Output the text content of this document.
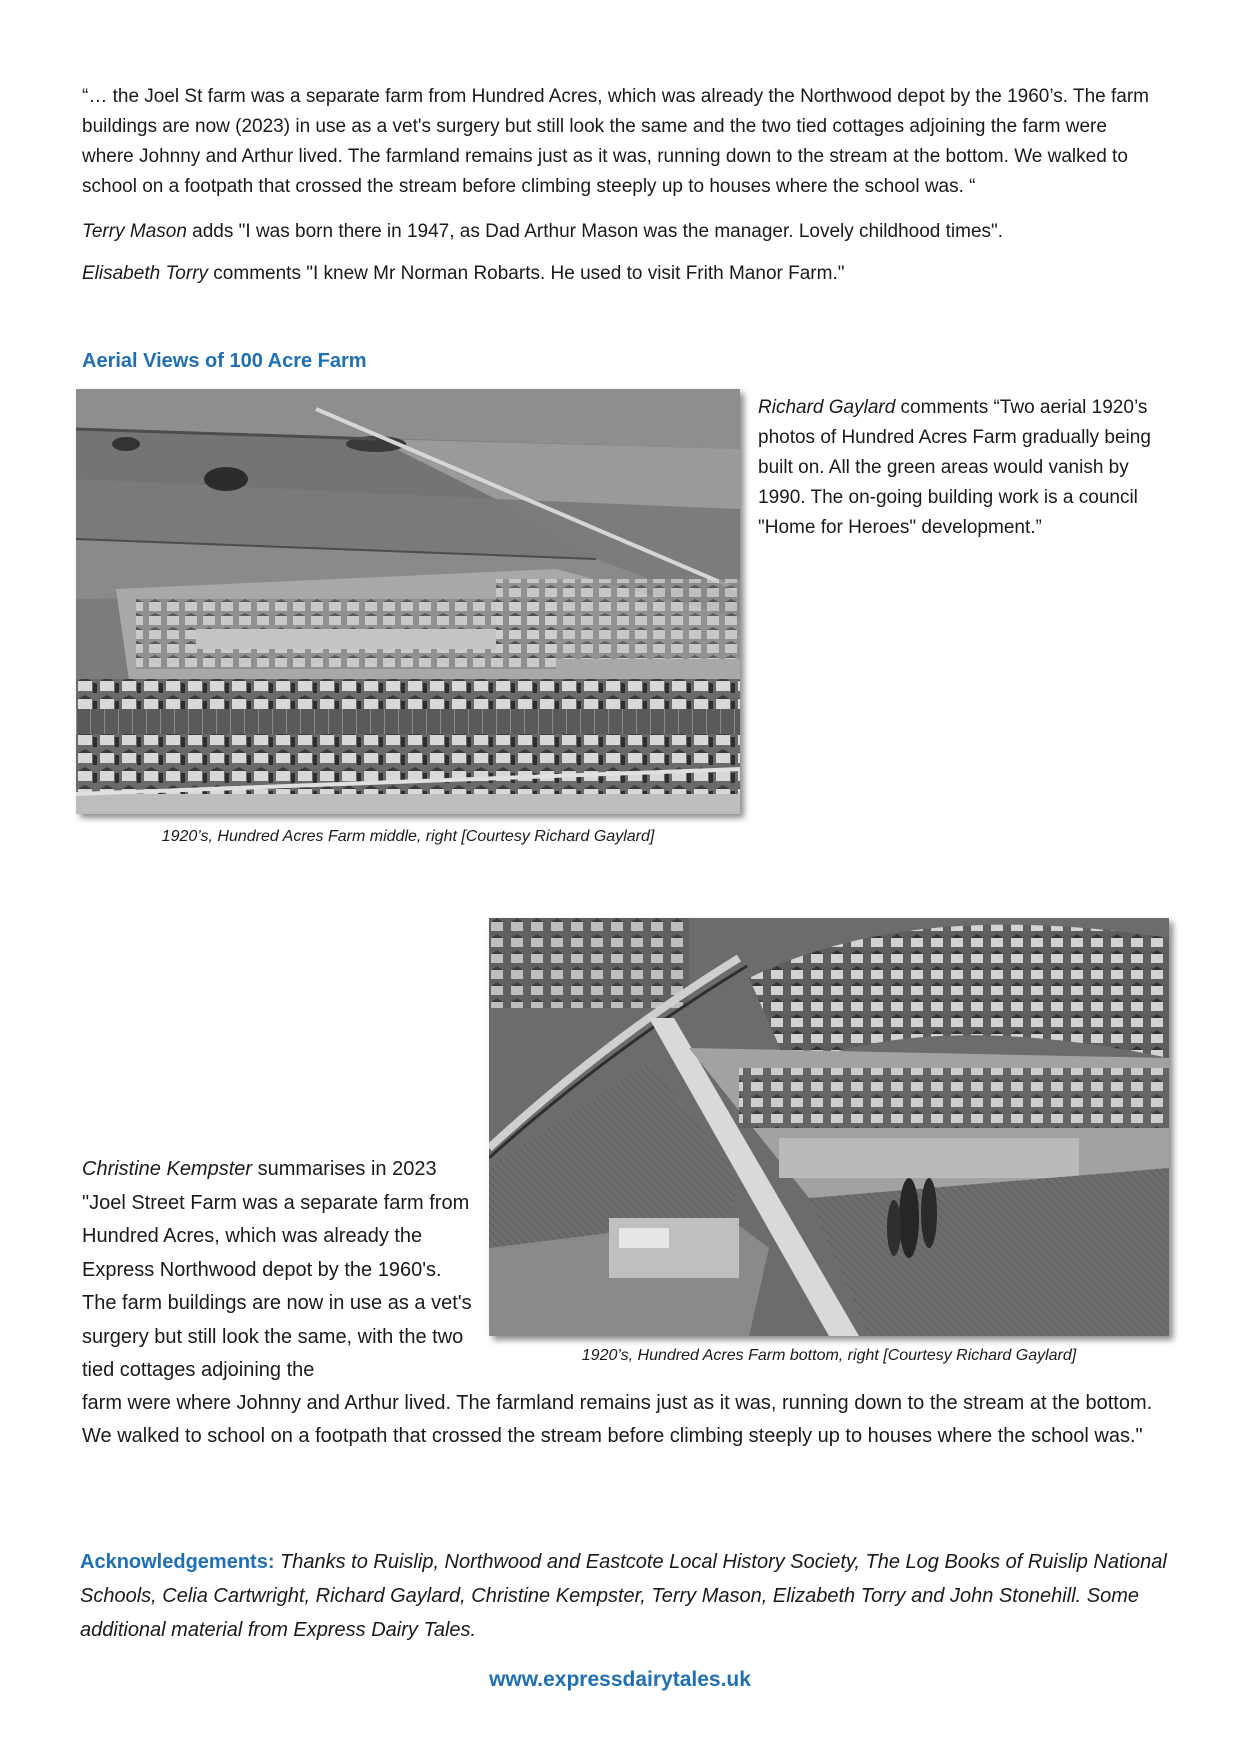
“… the Joel St farm was a separate farm from Hundred Acres, which was already the Northwood depot by the 1960’s. The farm buildings are now (2023) in use as a vet's surgery but still look the same and the two tied cottages adjoining the farm were where Johnny and Arthur lived. The farmland remains just as it was, running down to the stream at the bottom. We walked to school on a footpath that crossed the stream before climbing steeply up to houses where the school was. “

Terry Mason adds "I was born there in 1947, as Dad Arthur Mason was the manager. Lovely childhood times".

Elisabeth Torry comments "I knew Mr Norman Robarts. He used to visit Frith Manor Farm."

Aerial Views of 100 Acre Farm

Richard Gaylard comments “Two aerial 1920’s photos of Hundred Acres Farm gradually being built on. All the green areas would vanish by 1990. The on-going building work is a council "Home for Heroes" development.”

1920’s, Hundred Acres Farm middle, right [Courtesy Richard Gaylard]
1920’s, Hundred Acres Farm bottom, right [Courtesy Richard Gaylard]

Christine Kempster summarises in 2023 "Joel Street Farm was a separate farm from Hundred Acres, which was already the Express Northwood depot by the 1960's. The farm buildings are now in use as a vet's surgery but still look the same, with the two tied cottages adjoining the

farm were where Johnny and Arthur lived. The farmland remains just as it was, running down to the stream at the bottom. We walked to school on a footpath that crossed the stream before climbing steeply up to houses where the school was."

Acknowledgements: Thanks to Ruislip, Northwood and Eastcote Local History Society, The Log Books of Ruislip National Schools, Celia Cartwright, Richard Gaylard, Christine Kempster, Terry Mason, Elizabeth Torry and John Stonehill. Some additional material from Express Dairy Tales.

www.expressdairytales.uk
